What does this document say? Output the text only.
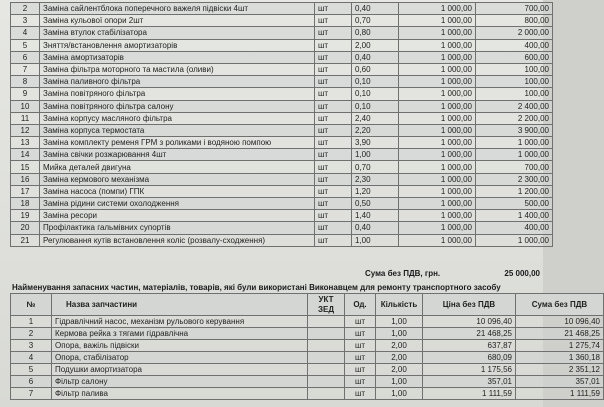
2	Заміна сайлентблока поперечного важеля підвіски 4шт	шт	0,40	1 000,00	700,00
3	Заміна кульової опори 2шт	шт	0,70	1 000,00	800,00
4	Заміна втулок стабілізатора	шт	0,80	1 000,00	2 000,00
5	Зняття/встановлення амортизаторів	шт	2,00	1 000,00	400,00
6	Заміна амортизаторів	шт	0,40	1 000,00	600,00
7	Заміна фільтра моторного та мастила (оливи)	шт	0,60	1 000,00	100,00
8	Заміна паливного фільтра	шт	0,10	1 000,00	100,00
9	Заміна повітряного фільтра	шт	0,10	1 000,00	100,00
10	Заміна повітряного фільтра салону	шт	0,10	1 000,00	2 400,00
11	Заміна корпусу масляного фільтра	шт	2,40	1 000,00	2 200,00
12	Заміна корпуса термостата	шт	2,20	1 000,00	3 900,00
13	Заміна комплекту ременя ГРМ з роликами і водяною помпою	шт	3,90	1 000,00	1 000,00
14	Заміна свічки розжарювання 4шт	шт	1,00	1 000,00	1 000,00
15	Мийка деталей двигуна	шт	0,70	1 000,00	700,00
16	Заміна кермового механізма	шт	2,30	1 000,00	2 300,00
17	Заміна насоса (помпи) ГПК	шт	1,20	1 000,00	1 200,00
18	Заміна рідини системи охолодження	шт	0,50	1 000,00	500,00
19	Заміна ресори	шт	1,40	1 000,00	1 400,00
20	Профілактика гальмівних супортів	шт	0,40	1 000,00	400,00
21	Регулювання кутів встановлення коліс (розвалу-сходження)	шт	1,00	1 000,00	1 000,00
Сума без ПДВ, грн.	25 000,00
Найменування запасних частин, матеріалів, товарів, які були використані Виконавцем для ремонту транспортного засобу
№	Назва запчастини	УКТ ЗЕД	Од.	Кількість	Ціна без ПДВ	Сума без ПДВ
1	Гідравлічний насос, механізм рульового керування		шт	1,00	10 096,40	10 096,40
2	Кермова рейка з тягами гідравлічна		шт	1,00	21 468,25	21 468,25
3	Опора, важіль підвіски		шт	2,00	637,87	1 275,74
4	Опора, стабілізатор		шт	2,00	680,09	1 360,18
5	Подушки амортизатора		шт	2,00	1 175,56	2 351,12
6	Фільтр салону		шт	1,00	357,01	357,01
7	Фільтр палива		шт	1,00	1 111,59	1 111,59
